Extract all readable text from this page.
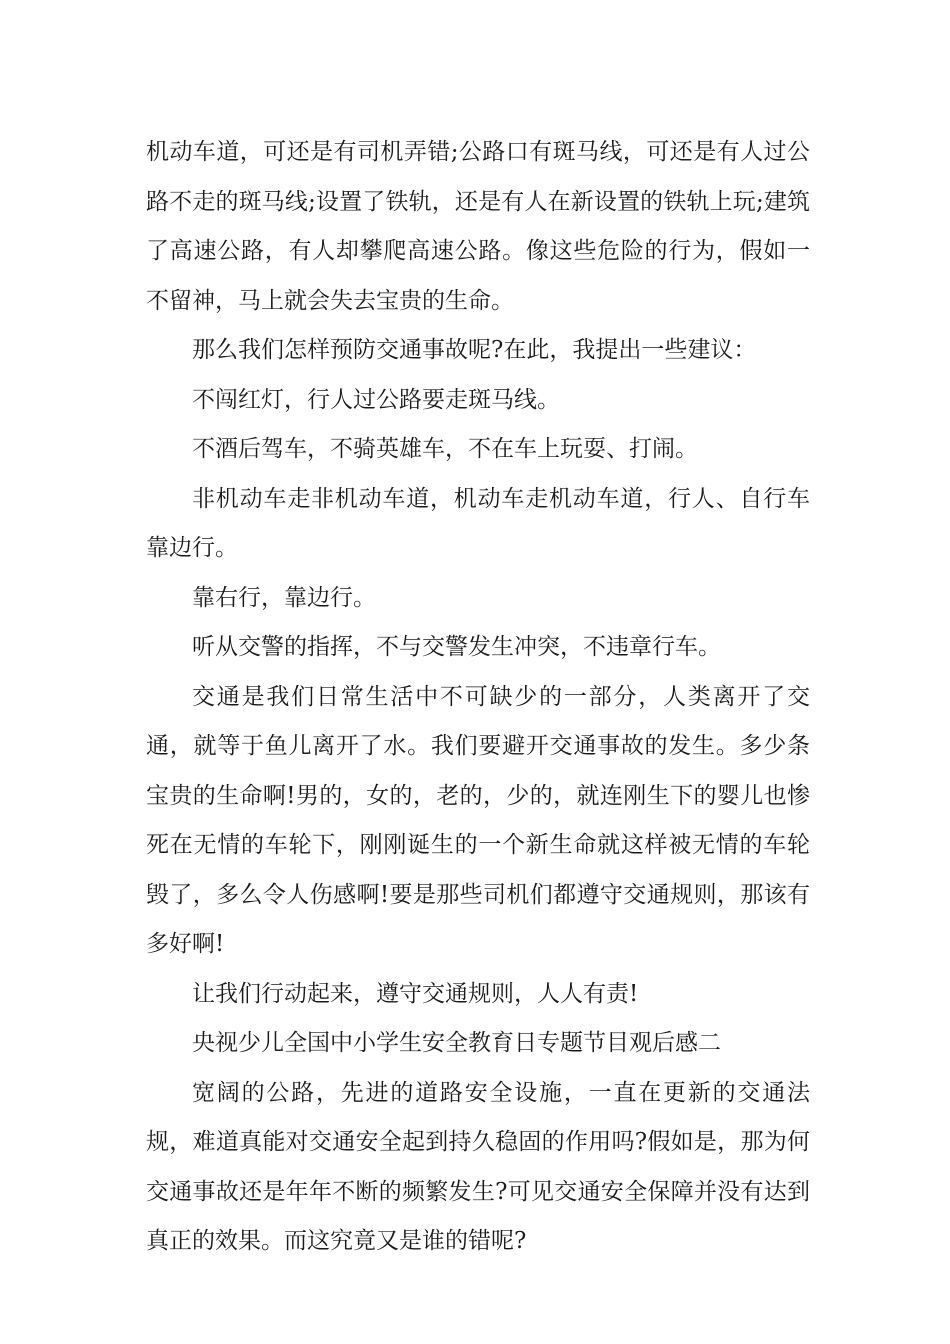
机动车道，可还是有司机弄错;公路口有斑马线，可还是有人过公路不走的斑马线;设置了铁轨，还是有人在新设置的铁轨上玩;建筑了高速公路，有人却攀爬高速公路。像这些危险的行为，假如一不留神，马上就会失去宝贵的生命。

那么我们怎样预防交通事故呢?在此，我提出一些建议：

不闯红灯，行人过公路要走斑马线。

不酒后驾车，不骑英雄车，不在车上玩耍、打闹。

非机动车走非机动车道，机动车走机动车道，行人、自行车靠边行。

靠右行，靠边行。

听从交警的指挥，不与交警发生冲突，不违章行车。

交通是我们日常生活中不可缺少的一部分，人类离开了交通，就等于鱼儿离开了水。我们要避开交通事故的发生。多少条宝贵的生命啊!男的，女的，老的，少的，就连刚生下的婴儿也惨死在无情的车轮下，刚刚诞生的一个新生命就这样被无情的车轮毁了，多么令人伤感啊!要是那些司机们都遵守交通规则，那该有多好啊!

让我们行动起来，遵守交通规则，人人有责!

央视少儿全国中小学生安全教育日专题节目观后感二

宽阔的公路，先进的道路安全设施，一直在更新的交通法规，难道真能对交通安全起到持久稳固的作用吗?假如是，那为何交通事故还是年年不断的频繁发生?可见交通安全保障并没有达到真正的效果。而这究竟又是谁的错呢?
